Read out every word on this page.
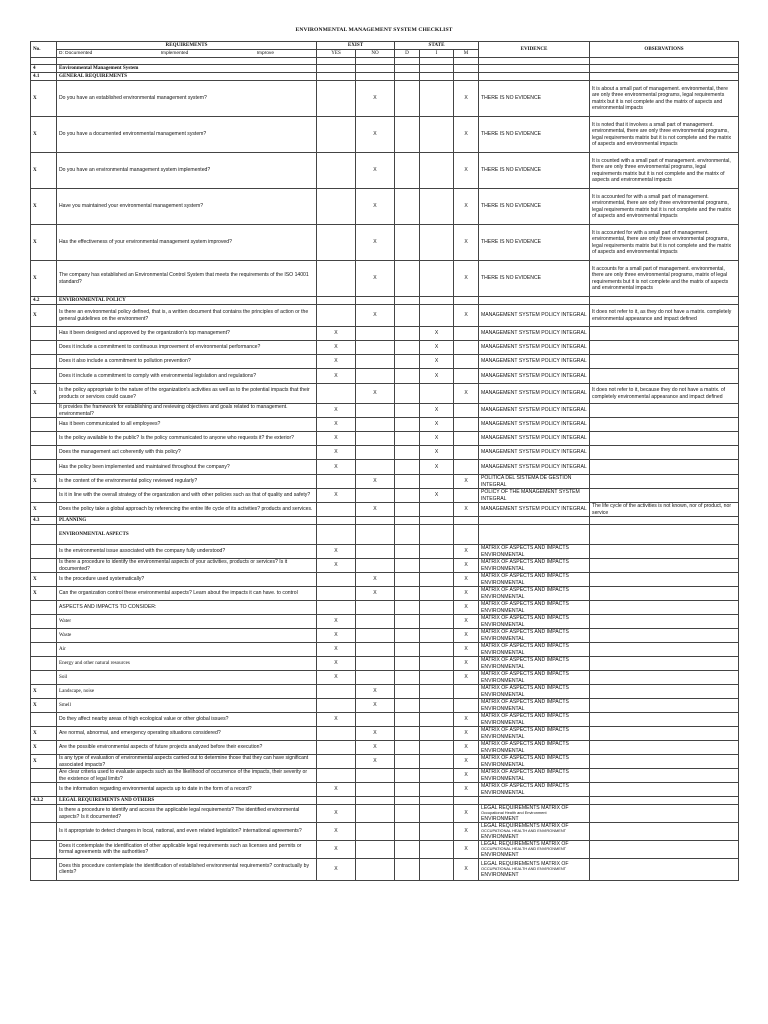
ENVIRONMENTAL MANAGEMENT SYSTEM CHECKLIST
No.	REQUIREMENTS	EXIST		STATE			EVIDENCE	OBSERVATIONS

	D: Documented Implemented Improve	YES	NO	D	I	M		

4	Environmental Management System							
4.1	GENERAL REQUIREMENTS							
X	Do you have an established environmental management system?		X			X	THERE IS NO EVIDENCE	It is about a small part of management. environmental, there are only three environmental programs, legal requirements matrix but it is not complete and the matrix of aspects and environmental impacts
X	Do you have a documented environmental management system?		X			X	THERE IS NO EVIDENCE	It is noted that it involves a small part of management. environmental, there are only three environmental programs, legal requirements matrix but it is not complete and the matrix of aspects and environmental impacts
X	Do you have an environmental management system implemented?		X			X	THERE IS NO EVIDENCE	It is counted with a small part of management. environmental, there are only three environmental programs, legal requirements matrix but it is not complete and the matrix of aspects and environmental impacts
X	Have you maintained your environmental management system?		X			X	THERE IS NO EVIDENCE	It is accounted for with a small part of management. environmental, there are only three environmental programs, legal requirements matrix but it is not complete and the matrix of aspects and environmental impacts
X	Has the effectiveness of your environmental management system improved?		X			X	THERE IS NO EVIDENCE	It is accounted for with a small part of management. environmental, there are only three environmental programs, legal requirements matrix but it is not complete and the matrix of aspects and environmental impacts
X	The company has established an Environmental Control System that meets the requirements of the ISO 14001 standard?		X			X	THERE IS NO EVIDENCE	It accounts for a small part of management. environmental, there are only three environmental programs, matrix of legal requirements but it is not complete and the matrix of aspects and environmental impacts
4.2	ENVIRONMENTAL POLICY							
X	Is there an environmental policy defined, that is, a written document that contains the principles of action or the general guidelines on the environment?		X			X	MANAGEMENT SYSTEM POLICY INTEGRAL	It does not refer to it, as they do not have a matrix. completely environmental appearance and impact defined
	Has it been designed and approved by the organization's top management?	X			X		MANAGEMENT SYSTEM POLICY INTEGRAL	
	Does it include a commitment to continuous improvement of environmental performance?	X			X		MANAGEMENT SYSTEM POLICY INTEGRAL	
	Does it also include a commitment to pollution prevention?	X			X		MANAGEMENT SYSTEM POLICY INTEGRAL	
	Does it include a commitment to comply with environmental legislation and regulations?	X			X		MANAGEMENT SYSTEM POLICY INTEGRAL	
X	Is the policy appropriate to the nature of the organization's activities as well as to the potential impacts that their products or services could cause?		X			X	MANAGEMENT SYSTEM POLICY INTEGRAL	It does not refer to it, because they do not have a matrix. of completely environmental appearance and impact defined
	It provides the framework for establishing and reviewing objectives and goals related to management. environmental?	X			X		MANAGEMENT SYSTEM POLICY INTEGRAL	
	Has it been communicated to all employees?	X			X		MANAGEMENT SYSTEM POLICY INTEGRAL	
	Is the policy available to the public? Is the policy communicated to anyone who requests it? the exterior?	X			X		MANAGEMENT SYSTEM POLICY INTEGRAL	
	Does the management act coherently with this policy?	X			X		MANAGEMENT SYSTEM POLICY INTEGRAL	
	Has the policy been implemented and maintained throughout the company?	X			X		MANAGEMENT SYSTEM POLICY INTEGRAL	
X	Is the content of the environmental policy reviewed regularly?		X			X	POLITICA DEL SISTEMA DE GESTION INTEGRAL	
	Is it in line with the overall strategy of the organization and with other policies such as that of quality and safety?	X			X		POLICY OF THE MANAGEMENT SYSTEM INTEGRAL	
X	Does the policy take a global approach by referencing the entire life cycle of its activities? products and services.		X			X	MANAGEMENT SYSTEM POLICY INTEGRAL	The life cycle of the activities is not known, nor of product, nor service
4.3	PLANNING							
	ENVIRONMENTAL ASPECTS							
	Is the environmental issue associated with the company fully understood?	X				X	MATRIX OF ASPECTS AND IMPACTS ENVIRONMENTAL	
	Is there a procedure to identify the environmental aspects of your activities, products or services? Is it documented?	X				X	MATRIX OF ASPECTS AND IMPACTS ENVIRONMENTAL	
X	Is the procedure used systematically?		X			X	MATRIX OF ASPECTS AND IMPACTS ENVIRONMENTAL	
X	Can the organization control these environmental aspects? Learn about the impacts it can have. to control		X			X	MATRIX OF ASPECTS AND IMPACTS ENVIRONMENTAL	
	ASPECTS AND IMPACTS TO CONSIDER:					X	MATRIX OF ASPECTS AND IMPACTS ENVIRONMENTAL	
	Water	X				X	MATRIX OF ASPECTS AND IMPACTS ENVIRONMENTAL	
	Waste	X				X	MATRIX OF ASPECTS AND IMPACTS ENVIRONMENTAL	
	Air	X				X	MATRIX OF ASPECTS AND IMPACTS ENVIRONMENTAL	
	Energy and other natural resources	X				X	MATRIX OF ASPECTS AND IMPACTS ENVIRONMENTAL	
	Soil	X				X	MATRIX OF ASPECTS AND IMPACTS ENVIRONMENTAL	
X	Landscape, noise		X				MATRIX OF ASPECTS AND IMPACTS ENVIRONMENTAL	
X	Smell		X				MATRIX OF ASPECTS AND IMPACTS ENVIRONMENTAL	
	Do they affect nearby areas of high ecological value or other global issues?	X				X	MATRIX OF ASPECTS AND IMPACTS ENVIRONMENTAL	
X	Are normal, abnormal, and emergency operating situations considered?		X			X	MATRIX OF ASPECTS AND IMPACTS ENVIRONMENTAL	
X	Are the possible environmental aspects of future projects analyzed before their execution?		X			X	MATRIX OF ASPECTS AND IMPACTS ENVIRONMENTAL	
X	Is any type of evaluation of environmental aspects carried out to determine those that they can have significant associated impacts?		X			X	MATRIX OF ASPECTS AND IMPACTS ENVIRONMENTAL	
	Are clear criteria used to evaluate aspects such as the likelihood of occurrence of the impacts, their severity or the existence of legal limits?					X	MATRIX OF ASPECTS AND IMPACTS ENVIRONMENTAL	
	Is the information regarding environmental aspects up to date in the form of a record?	X				X	MATRIX OF ASPECTS AND IMPACTS ENVIRONMENTAL	
4.3.2	LEGAL REQUIREMENTS AND OTHERS							
	Is there a procedure to identify and access the applicable legal requirements? The identified environmental aspects? Is it documented?	X				X	LEGAL REQUIREMENTS MATRIX OF
Occupational Health and Environment
ENVIRONMENT	

	Is it appropriate to detect changes in local, national, and even related legislation? international agreements?	X				X	LEGAL REQUIREMENTS MATRIX OF
OCCUPATIONAL HEALTH AND ENVIRONMENT
ENVIRONMENT	

	Does it contemplate the identification of other applicable legal requirements such as licenses and permits or formal agreements with the authorities?	X				X	LEGAL REQUIREMENTS MATRIX OF
OCCUPATIONAL HEALTH AND ENVIRONMENT
ENVIRONMENT	

	Does this procedure contemplate the identification of established environmental requirements? contractually by clients?	X				X	LEGAL REQUIREMENTS MATRIX OF
OCCUPATIONAL HEALTH AND ENVIRONMENT
ENVIRONMENT	
